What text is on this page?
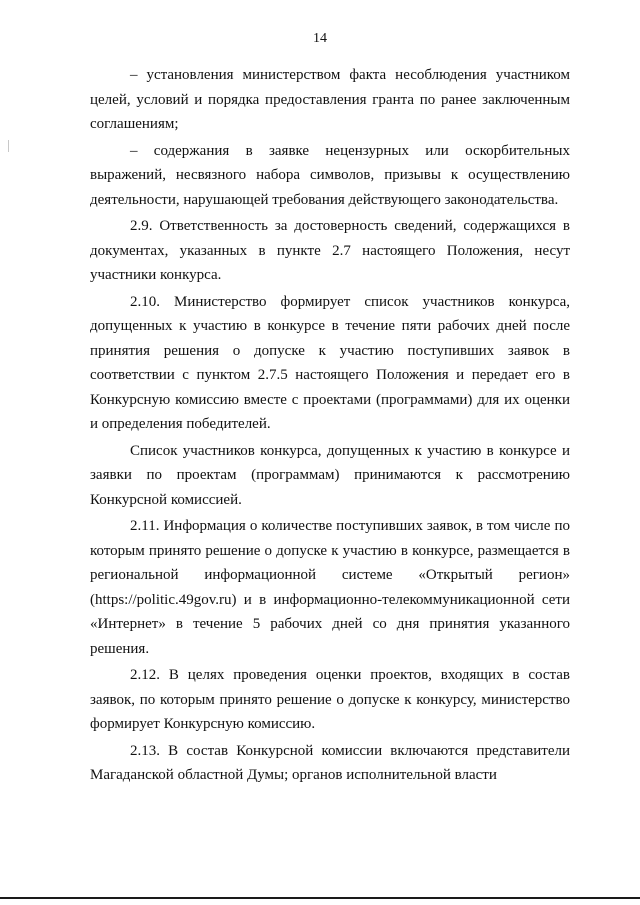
14

– установления министерством факта несоблюдения участником целей, условий и порядка предоставления гранта по ранее заключенным соглашениям;

– содержания в заявке нецензурных или оскорбительных выражений, несвязного набора символов, призывы к осуществлению деятельности, нарушающей требования действующего законодательства.

2.9. Ответственность за достоверность сведений, содержащихся в документах, указанных в пункте 2.7 настоящего Положения, несут участники конкурса.

2.10. Министерство формирует список участников конкурса, допущенных к участию в конкурсе в течение пяти рабочих дней после принятия решения о допуске к участию поступивших заявок в соответствии с пунктом 2.7.5 настоящего Положения и передает его в Конкурсную комиссию вместе с проектами (программами) для их оценки и определения победителей.

Список участников конкурса, допущенных к участию в конкурсе и заявки по проектам (программам) принимаются к рассмотрению Конкурсной комиссией.

2.11. Информация о количестве поступивших заявок, в том числе по которым принято решение о допуске к участию в конкурсе, размещается в региональной информационной системе «Открытый регион» (https://politic.49gov.ru) и в информационно-телекоммуникационной сети «Интернет» в течение 5 рабочих дней со дня принятия указанного решения.

2.12. В целях проведения оценки проектов, входящих в состав заявок, по которым принято решение о допуске к конкурсу, министерство формирует Конкурсную комиссию.

2.13. В состав Конкурсной комиссии включаются представители Магаданской областной Думы; органов исполнительной власти
